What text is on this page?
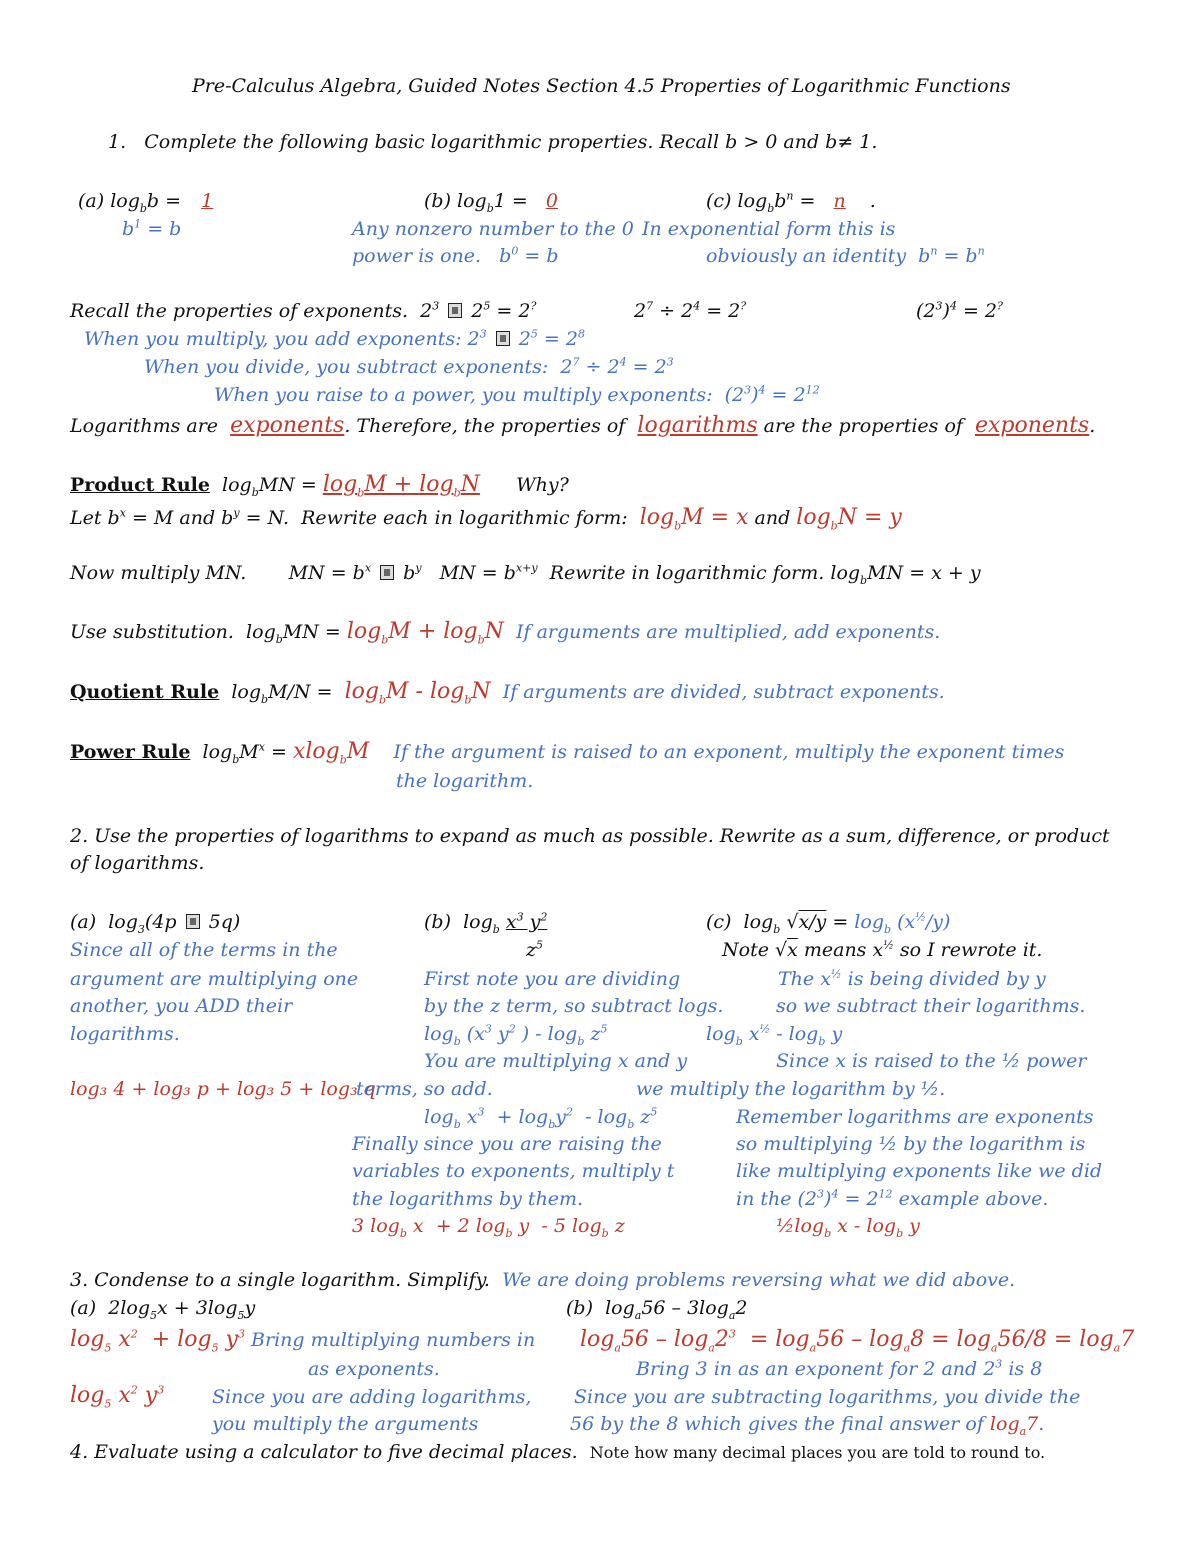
Pre-Calculus Algebra, Guided Notes Section 4.5 Properties of Logarithmic Functions
1.   Complete the following basic logarithmic properties. Recall b > 0 and b≠ 1.
(a) $\log_bb = 1$
$b^1 = b$
(b) $\log_b1 = 0$
Any nonzero number to the 0
power is one.   $b^0 = b$
(c) $\log_bb^n = n$ .
In exponential form this is
obviously an identity  $b^n = b^n$
Recall the properties of exponents.  $2^3$  $2^5 = 2^?$	$2^7 \div 2^4 = 2^?$	$(2^3)^4 = 2^?$
When you multiply, you add exponents: $2^3$  $2^5 = 2^8$
When you divide, you subtract exponents:  $2^7 \div 2^4 = 2^3$
When you raise to a power, you multiply exponents:  $(2^3)^4 = 2^{12}$
Logarithms are exponents. Therefore, the properties of logarithms are the properties of exponents.
Product Rule  $\log_bMN = \log_bM + \log_bN$ Why?
Let $b^x = M$ and $b^y = N$.  Rewrite each in logarithmic form:  $\log_bM = x$ and $\log_bN = y$
Now multiply MN.       MN = $b^x$  $b^y$   MN = $b^{x+y}$ Rewrite in logarithmic form. $\log_bMN = x + y$
Use substitution.  $\log_bMN = \log_bM + \log_bN$ If arguments are multiplied, add exponents.
Quotient Rule  $\log_bM/N = \log_bM - \log_bN$ If arguments are divided, subtract exponents.
Power Rule  $\log_bM^x = xlog_bM$ If the argument is raised to an exponent, multiply the exponent times
the logarithm.
2. Use the properties of logarithms to expand as much as possible. Rewrite as a sum, difference, or product
of logarithms.
(a)  $\log_3(4p$  5q)
Since all of the terms in the
argument are multiplying one
another, you ADD their
logarithms.
log₃ 4 + log₃ p + log₃ 5 + log₃ q
(b)  $\log_b x^3$ $y^2$
$z^5$
First note you are dividing
by the z term, so subtract logs.
$\log_b (x^3$ $y^2$ ) - $\log_b z^5$
You are multiplying x and y
terms, so add.
$\log_b x^3 + \log_by^2 - \log_b z^5$
Finally since you are raising the
variables to exponents, multiply t
the logarithms by them.
3 $\log_b x + 2$ $\log_b y - 5$ $\log_b z$
(c)  $\log_b √x/y = \log_b (x^{\frac{1}{2}}/y)$
Note √x means $x^{\frac{1}{2}}$ so I rewrote it.
The $x^{\frac{1}{2}}$ is being divided by y
so we subtract their logarithms.
$\log_b x^{\frac{1}{2}} - \log_b y$
Since x is raised to the ½ power
we multiply the logarithm by ½.
Remember logarithms are exponents
so multiplying ½ by the logarithm is
like multiplying exponents like we did
in the $(2^3)^4 = 2^{12}$ example above.
$\frac{1}{2}\log_b$ x - $\log_b y$
3. Condense to a single logarithm. Simplify. We are doing problems reversing what we did above.
(a)  $2\log_5x + 3\log_5y$	(b)  $\log_a56 - 3\log_a2$
$\log_5 x^2 + \log_5 y^3$ Bring multiplying numbers in
as exponents.
$\log_5 x^2$ $y^3$	Since you are adding logarithms,
you multiply the arguments
$\log_a56 - \log_a2^3 = \log_a56 - \log_a8 = \log_a56/8 = \log_a7$
Bring 3 in as an exponent for 2 and $2^3$ is 8
Since you are subtracting logarithms, you divide the
56 by the 8 which gives the final answer of $\log_a7$.
4. Evaluate using a calculator to five decimal places. Note how many decimal places you are told to round to.
